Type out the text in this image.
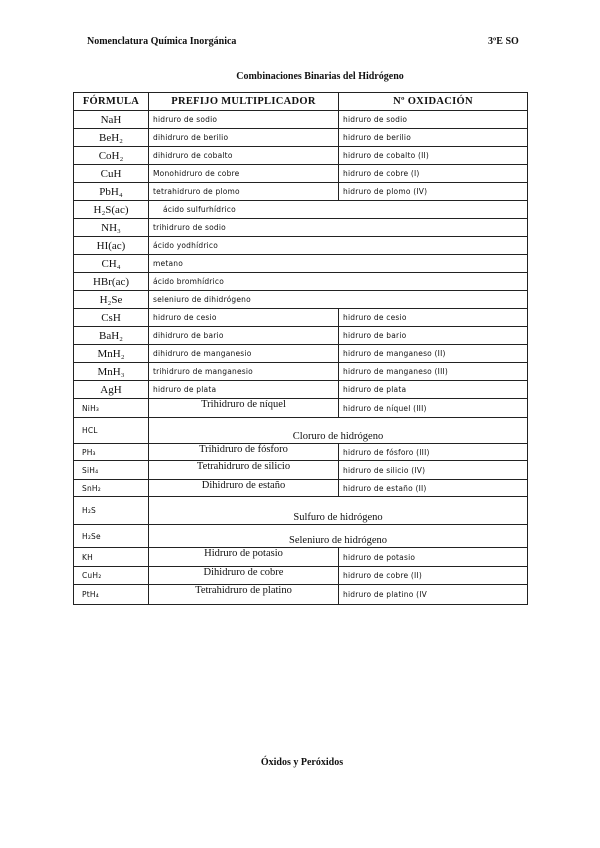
Nomenclatura Química Inorgánica	3ºE SO
Combinaciones Binarias del Hidrógeno
FÓRMULA	PREFIJO MULTIPLICADOR	Nº OXIDACIÓN
NaH	hidruro de sodio	hidruro de sodio
BeH₂	dihidruro de berilio	hidruro de berilio
CoH₂	dihidruro de cobalto	hidruro de cobalto (II)
CuH	Monohidruro de cobre	hidruro de cobre (I)
PbH₄	tetrahidruro de plomo	hidruro de plomo (IV)
H₂S(ac)	ácido sulfurhídrico	
NH₃	trihidruro de sodio	
HI(ac)	ácido yodhídrico	
CH₄	metano	
HBr(ac)	ácido bromhídrico	
H₂Se	seleniuro de dihidrógeno	
CsH	hidruro de cesio	hidruro de cesio
BaH₂	dihidruro de bario	hidruro de bario
MnH₂	dihidruro de manganesio	hidruro de manganeso (II)
MnH₃	trihidruro de manganesio	hidruro de manganeso (III)
AgH	hidruro de plata	hidruro de plata
NiH₃	Trihidruro de níquel	hidruro de níquel (III)
HCL	Cloruro de hidrógeno	
PH₃	Trihidruro de fósforo	hidruro de fósforo (III)
SiH₄	Tetrahidruro de silicio	hidruro de silicio (IV)
SnH₂	Dihidruro de estaño	hidruro de estaño (II)
H₂S	Sulfuro de hidrógeno	
H₂Se	Seleniuro de hidrógeno	
KH	Hidruro de potasio	hidruro de potasio
CuH₂	Dihidruro de cobre	hidruro de cobre (II)
PtH₄	Tetrahidruro de platino	hidruro de platino (IV
Óxidos y Peróxidos
